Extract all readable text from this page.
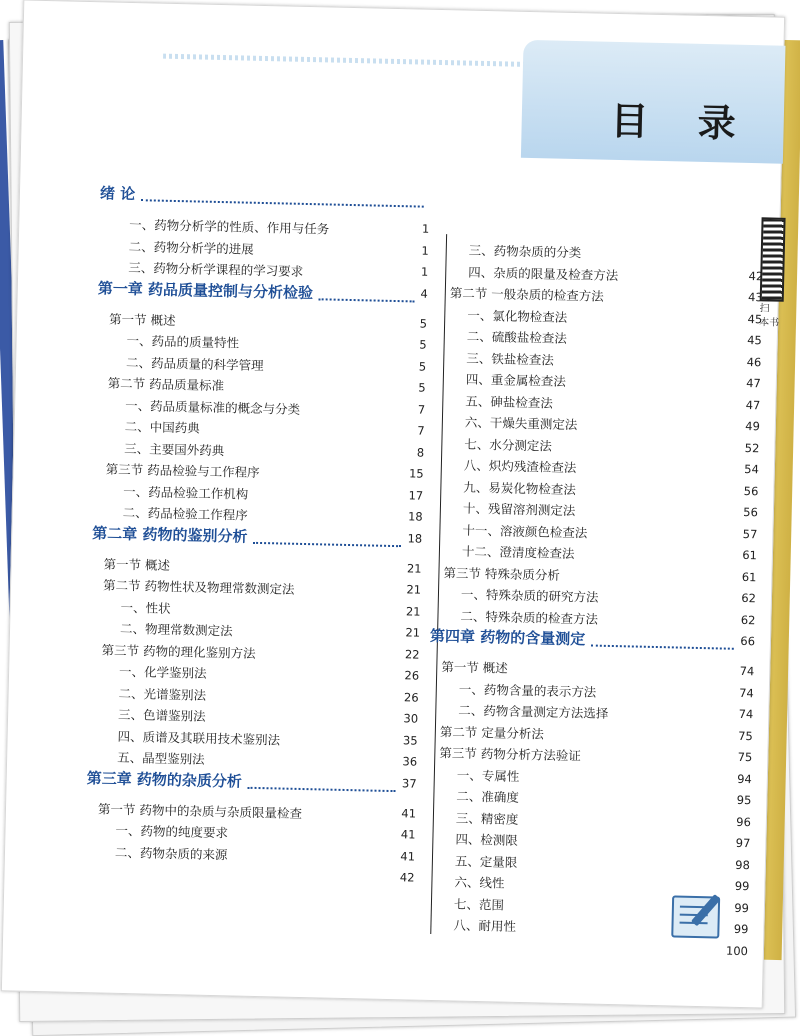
目 录
扫 本书
绪 论
一、药物分析学的性质、作用与任务	1
二、药物分析学的进展	1
三、药物分析学课程的学习要求	1
第一章 药品质量控制与分析检验	4
第一节 概述	5
一、药品的质量特性	5
二、药品质量的科学管理	5
第二节 药品质量标准	5
一、药品质量标准的概念与分类	7
二、中国药典	7
三、主要国外药典	8
第三节 药品检验与工作程序	15
一、药品检验工作机构	17
二、药品检验工作程序	18
第二章 药物的鉴别分析	18
第一节 概述	21
第二节 药物性状及物理常数测定法	21
一、性状	21
二、物理常数测定法	21
第三节 药物的理化鉴别方法	22
一、化学鉴别法	26
二、光谱鉴别法	26
三、色谱鉴别法	30
四、质谱及其联用技术鉴别法	35
五、晶型鉴别法	36
第三章 药物的杂质分析	37
第一节 药物中的杂质与杂质限量检查	41
一、药物的纯度要求	41
二、药物杂质的来源	41
42
三、药物杂质的分类
四、杂质的限量及检查方法	42
第二节 一般杂质的检查方法	43
一、氯化物检查法	45
二、硫酸盐检查法	45
三、铁盐检查法	46
四、重金属检查法	47
五、砷盐检查法	47
六、干燥失重测定法	49
七、水分测定法	52
八、炽灼残渣检查法	54
九、易炭化物检查法	56
十、残留溶剂测定法	56
十一、溶液颜色检查法	57
十二、澄清度检查法	61
第三节 特殊杂质分析	61
一、特殊杂质的研究方法	62
二、特殊杂质的检查方法	62
第四章 药物的含量测定	66
第一节 概述	74
一、药物含量的表示方法	74
二、药物含量测定方法选择	74
第二节 定量分析法	75
第三节 药物分析方法验证	75
一、专属性	94
二、准确度	95
三、精密度	96
四、检测限	97
五、定量限	98
六、线性	99
七、范围	99
八、耐用性	99
100
